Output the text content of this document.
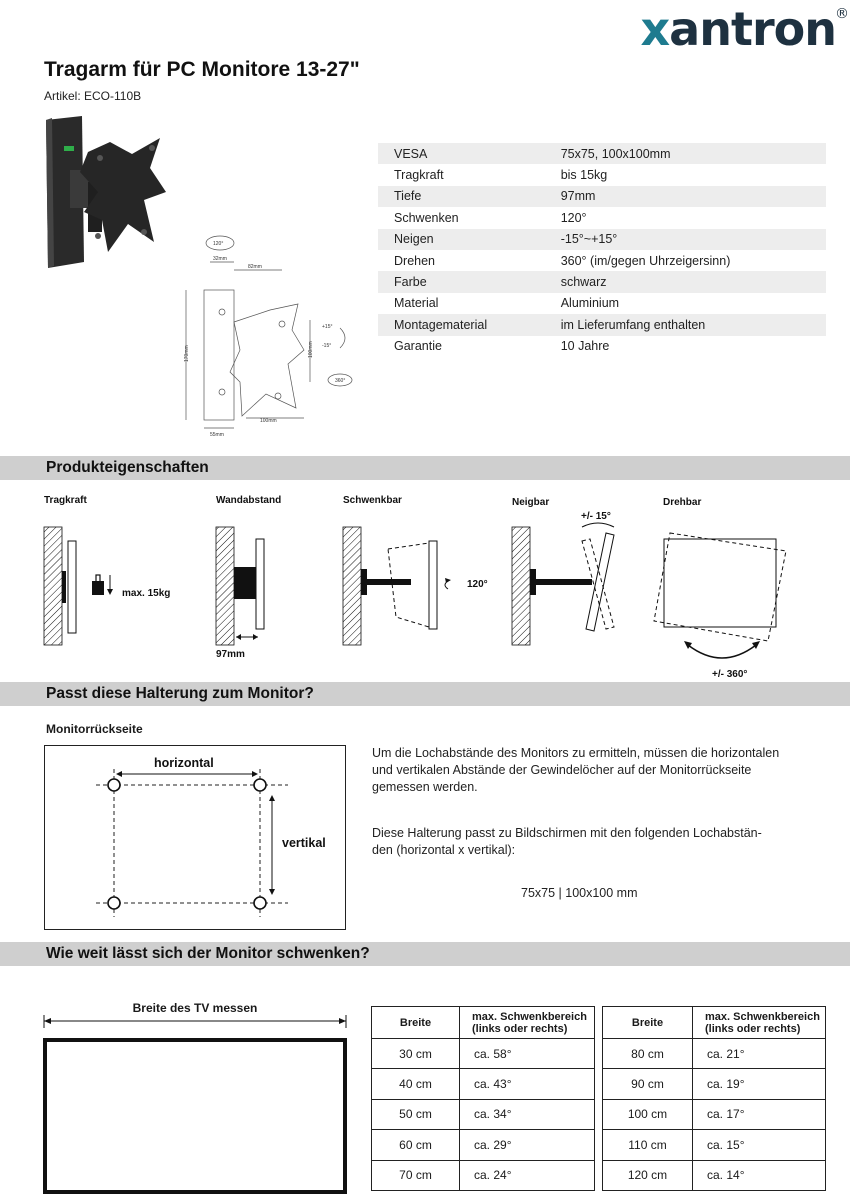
xantron ®
Tragarm für PC Monitore 13-27"
Artikel: ECO-110B
120°
32mm
82mm
+15°
-15°
170mm	100mm
360°
55mm
100mm
VESA	75x75, 100x100mm
Tragkraft	bis 15kg
Tiefe	97mm
Schwenken	120°
Neigen	-15°~+15°
Drehen	360° (im/gegen Uhrzeigersinn)
Farbe	schwarz
Material	Aluminium
Montagematerial	im Lieferumfang enthalten
Garantie	10 Jahre
Produkteigenschaften
Tragkraft	Wandabstand	Schwenkbar	Neigbar	Drehbar
max. 15kg
97mm
120°
+/- 15°
+/- 360°
Passt diese Halterung zum Monitor?
Monitorrückseite
horizontal
vertikal
Um die Lochabstände des Monitors zu ermitteln, müssen die horizontalen
und vertikalen Abstände der Gewindelöcher auf der Monitorrückseite
gemessen werden.
Diese Halterung passt zu Bildschirmen mit den folgenden Lochabstän-
den (horizontal x vertikal):
75x75 | 100x100 mm
Wie weit lässt sich der Monitor schwenken?
Breite des TV messen
Breite	max. Schwenkbereich
(links oder rechts)

30 cm	ca. 58°
40 cm	ca. 43°
50 cm	ca. 34°
60 cm	ca. 29°
70 cm	ca. 24°
Breite	max. Schwenkbereich
(links oder rechts)

80 cm	ca. 21°
90 cm	ca. 19°
100 cm	ca. 17°
110 cm	ca. 15°
120 cm	ca. 14°
